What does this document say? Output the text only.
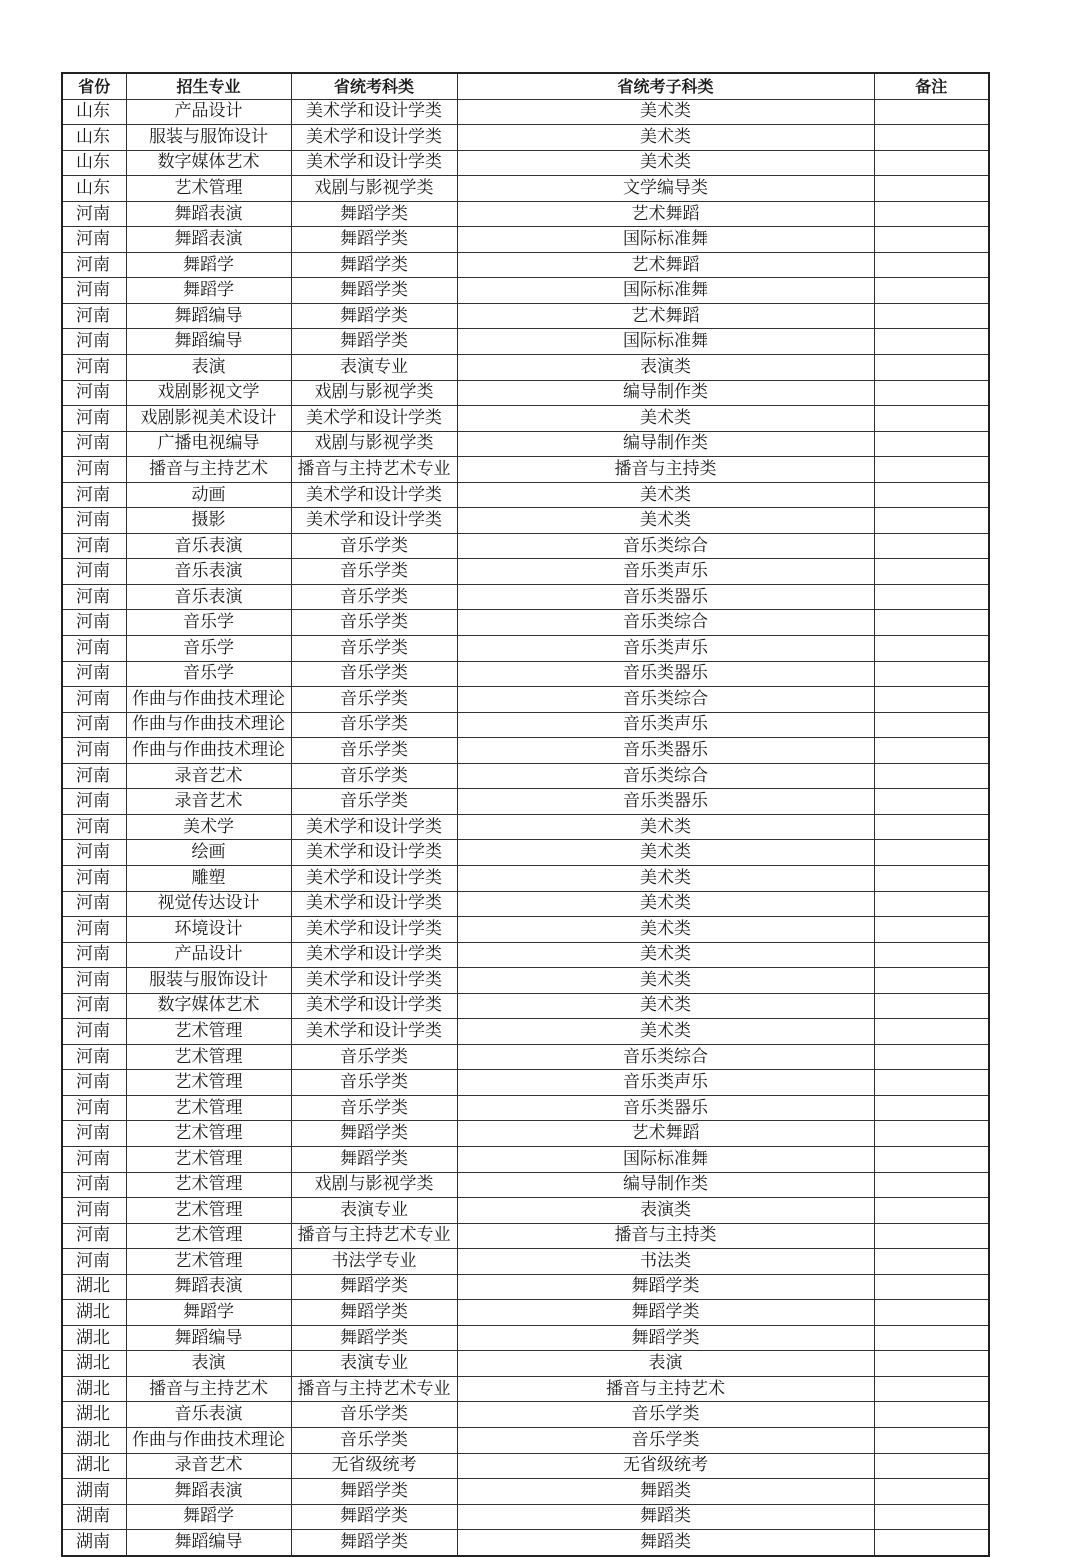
省份	招生专业	省统考科类	省统考子科类	备注
山东	产品设计	美术学和设计学类	美术类	
山东	服装与服饰设计	美术学和设计学类	美术类	
山东	数字媒体艺术	美术学和设计学类	美术类	
山东	艺术管理	戏剧与影视学类	文学编导类	
河南	舞蹈表演	舞蹈学类	艺术舞蹈	
河南	舞蹈表演	舞蹈学类	国际标准舞	
河南	舞蹈学	舞蹈学类	艺术舞蹈	
河南	舞蹈学	舞蹈学类	国际标准舞	
河南	舞蹈编导	舞蹈学类	艺术舞蹈	
河南	舞蹈编导	舞蹈学类	国际标准舞	
河南	表演	表演专业	表演类	
河南	戏剧影视文学	戏剧与影视学类	编导制作类	
河南	戏剧影视美术设计	美术学和设计学类	美术类	
河南	广播电视编导	戏剧与影视学类	编导制作类	
河南	播音与主持艺术	播音与主持艺术专业	播音与主持类	
河南	动画	美术学和设计学类	美术类	
河南	摄影	美术学和设计学类	美术类	
河南	音乐表演	音乐学类	音乐类综合	
河南	音乐表演	音乐学类	音乐类声乐	
河南	音乐表演	音乐学类	音乐类器乐	
河南	音乐学	音乐学类	音乐类综合	
河南	音乐学	音乐学类	音乐类声乐	
河南	音乐学	音乐学类	音乐类器乐	
河南	作曲与作曲技术理论	音乐学类	音乐类综合	
河南	作曲与作曲技术理论	音乐学类	音乐类声乐	
河南	作曲与作曲技术理论	音乐学类	音乐类器乐	
河南	录音艺术	音乐学类	音乐类综合	
河南	录音艺术	音乐学类	音乐类器乐	
河南	美术学	美术学和设计学类	美术类	
河南	绘画	美术学和设计学类	美术类	
河南	雕塑	美术学和设计学类	美术类	
河南	视觉传达设计	美术学和设计学类	美术类	
河南	环境设计	美术学和设计学类	美术类	
河南	产品设计	美术学和设计学类	美术类	
河南	服装与服饰设计	美术学和设计学类	美术类	
河南	数字媒体艺术	美术学和设计学类	美术类	
河南	艺术管理	美术学和设计学类	美术类	
河南	艺术管理	音乐学类	音乐类综合	
河南	艺术管理	音乐学类	音乐类声乐	
河南	艺术管理	音乐学类	音乐类器乐	
河南	艺术管理	舞蹈学类	艺术舞蹈	
河南	艺术管理	舞蹈学类	国际标准舞	
河南	艺术管理	戏剧与影视学类	编导制作类	
河南	艺术管理	表演专业	表演类	
河南	艺术管理	播音与主持艺术专业	播音与主持类	
河南	艺术管理	书法学专业	书法类	
湖北	舞蹈表演	舞蹈学类	舞蹈学类	
湖北	舞蹈学	舞蹈学类	舞蹈学类	
湖北	舞蹈编导	舞蹈学类	舞蹈学类	
湖北	表演	表演专业	表演	
湖北	播音与主持艺术	播音与主持艺术专业	播音与主持艺术	
湖北	音乐表演	音乐学类	音乐学类	
湖北	作曲与作曲技术理论	音乐学类	音乐学类	
湖北	录音艺术	无省级统考	无省级统考	
湖南	舞蹈表演	舞蹈学类	舞蹈类	
湖南	舞蹈学	舞蹈学类	舞蹈类	
湖南	舞蹈编导	舞蹈学类	舞蹈类	
